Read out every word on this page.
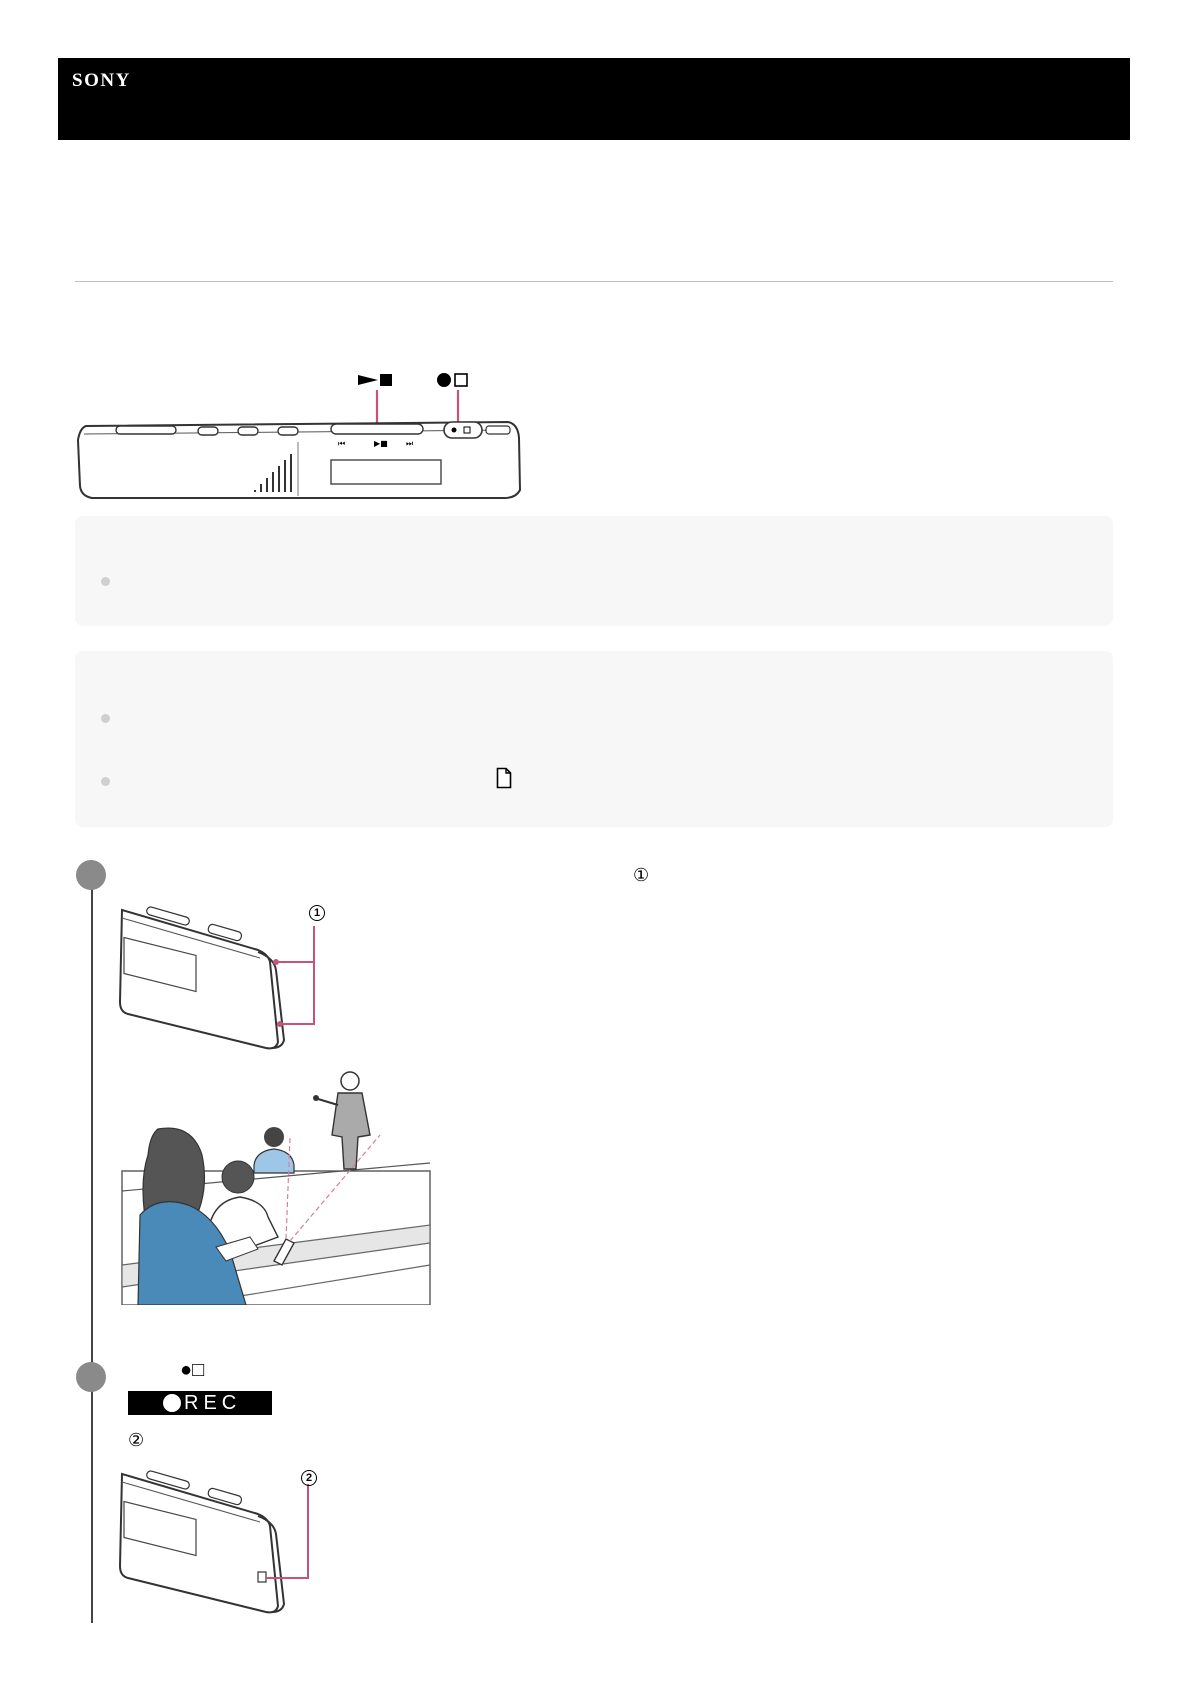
SONY
⏮	▶■ ⏭
①
1
●□
REC
②
2
